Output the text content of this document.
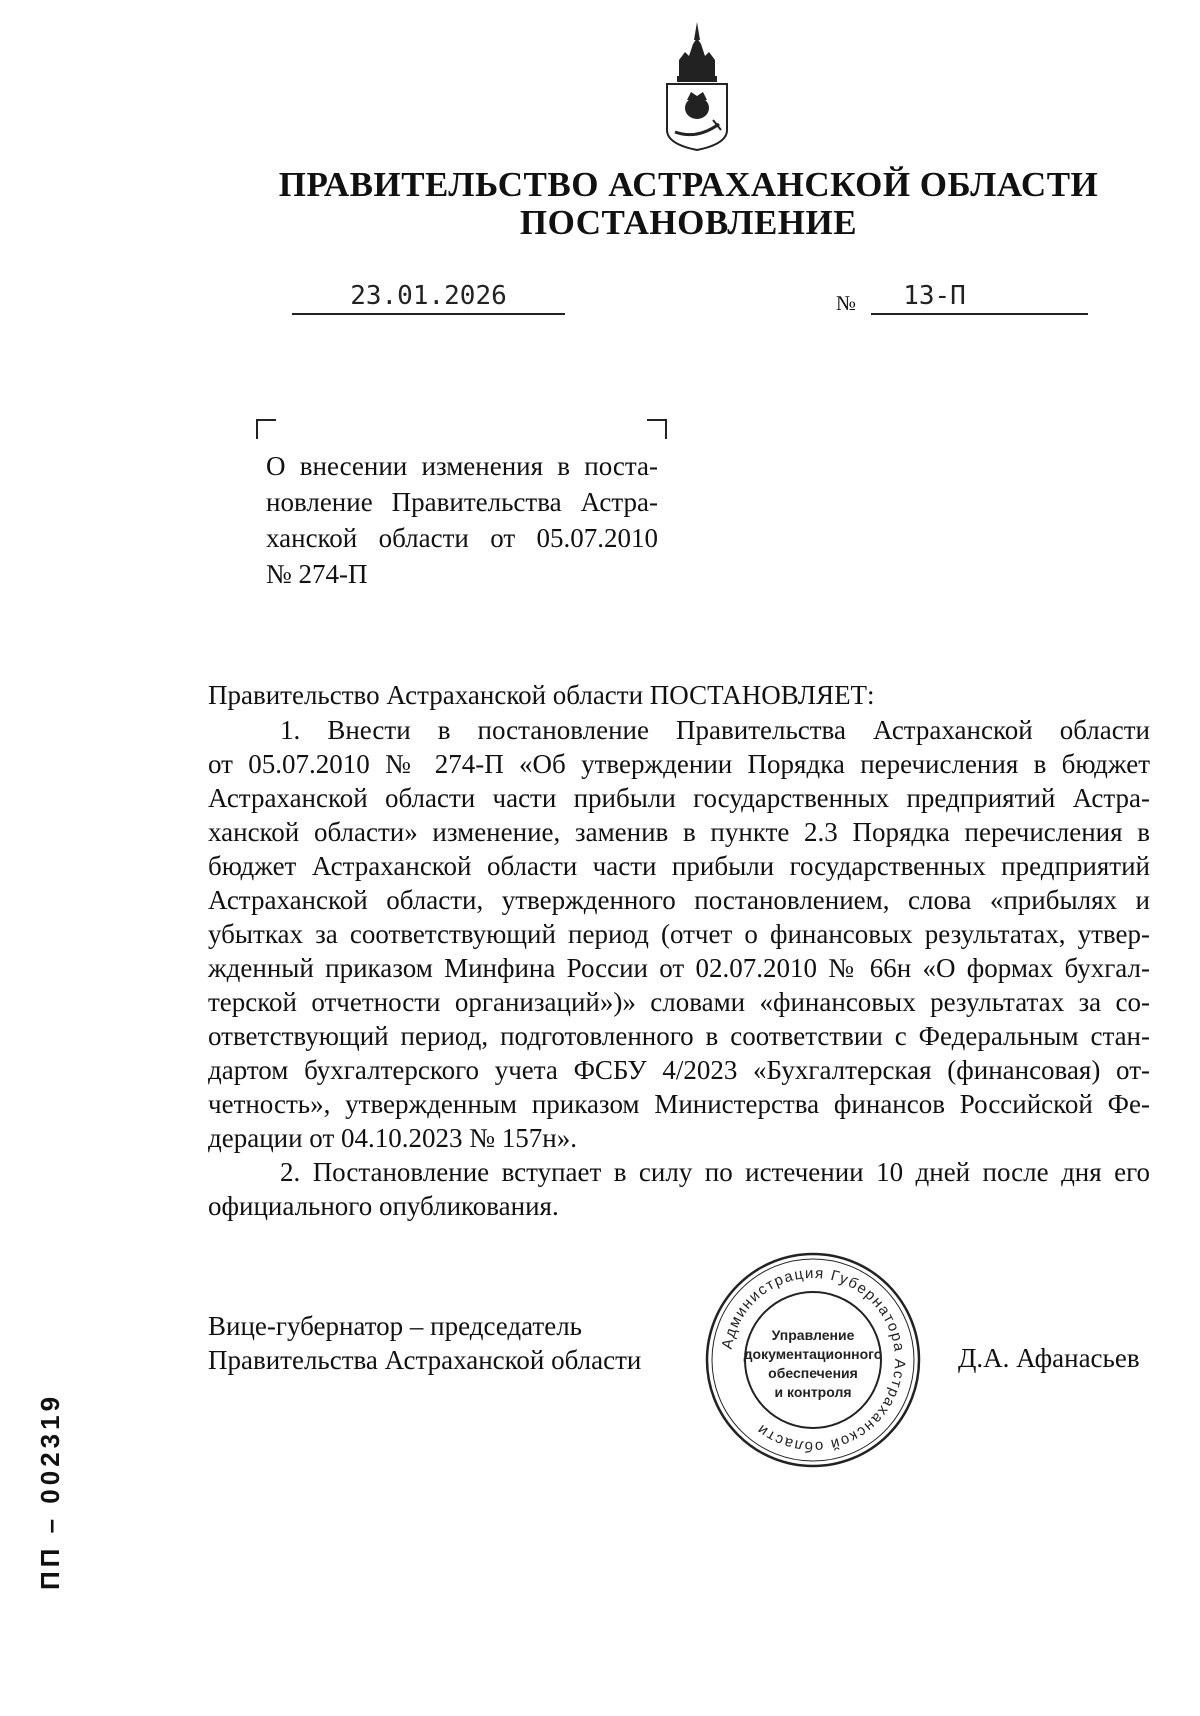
ПРАВИТЕЛЬСТВО АСТРАХАНСКОЙ ОБЛАСТИ
ПОСТАНОВЛЕНИЕ
23.01.2026	№	13-П
О внесении изменения в поста-
новление Правительства Астра-
ханской области от 05.07.2010
№ 274-П
Правительство Астраханской области ПОСТАНОВЛЯЕТ:
1. Внести в постановление Правительства Астраханской области
от 05.07.2010 № 274-П «Об утверждении Порядка перечисления в бюджет
Астраханской области части прибыли государственных предприятий Астра-
ханской области» изменение, заменив в пункте 2.3 Порядка перечисления в
бюджет Астраханской области части прибыли государственных предприятий
Астраханской области, утвержденного постановлением, слова «прибылях и
убытках за соответствующий период (отчет о финансовых результатах, утвер-
жденный приказом Минфина России от 02.07.2010 № 66н «О формах бухгал-
терской отчетности организаций»)» словами «финансовых результатах за со-
ответствующий период, подготовленного в соответствии с Федеральным стан-
дартом бухгалтерского учета ФСБУ 4/2023 «Бухгалтерская (финансовая) от-
четность», утвержденным приказом Министерства финансов Российской Фе-
дерации от 04.10.2023 № 157н».
2. Постановление вступает в силу по истечении 10 дней после дня его
официального опубликования.
Вице-губернатор – председатель
Правительства Астраханской области
Администрация Губернатора Астраханской области
Управление
документационного
обеспечения
и контроля
Д.А. Афанасьев
ПП – 002319
